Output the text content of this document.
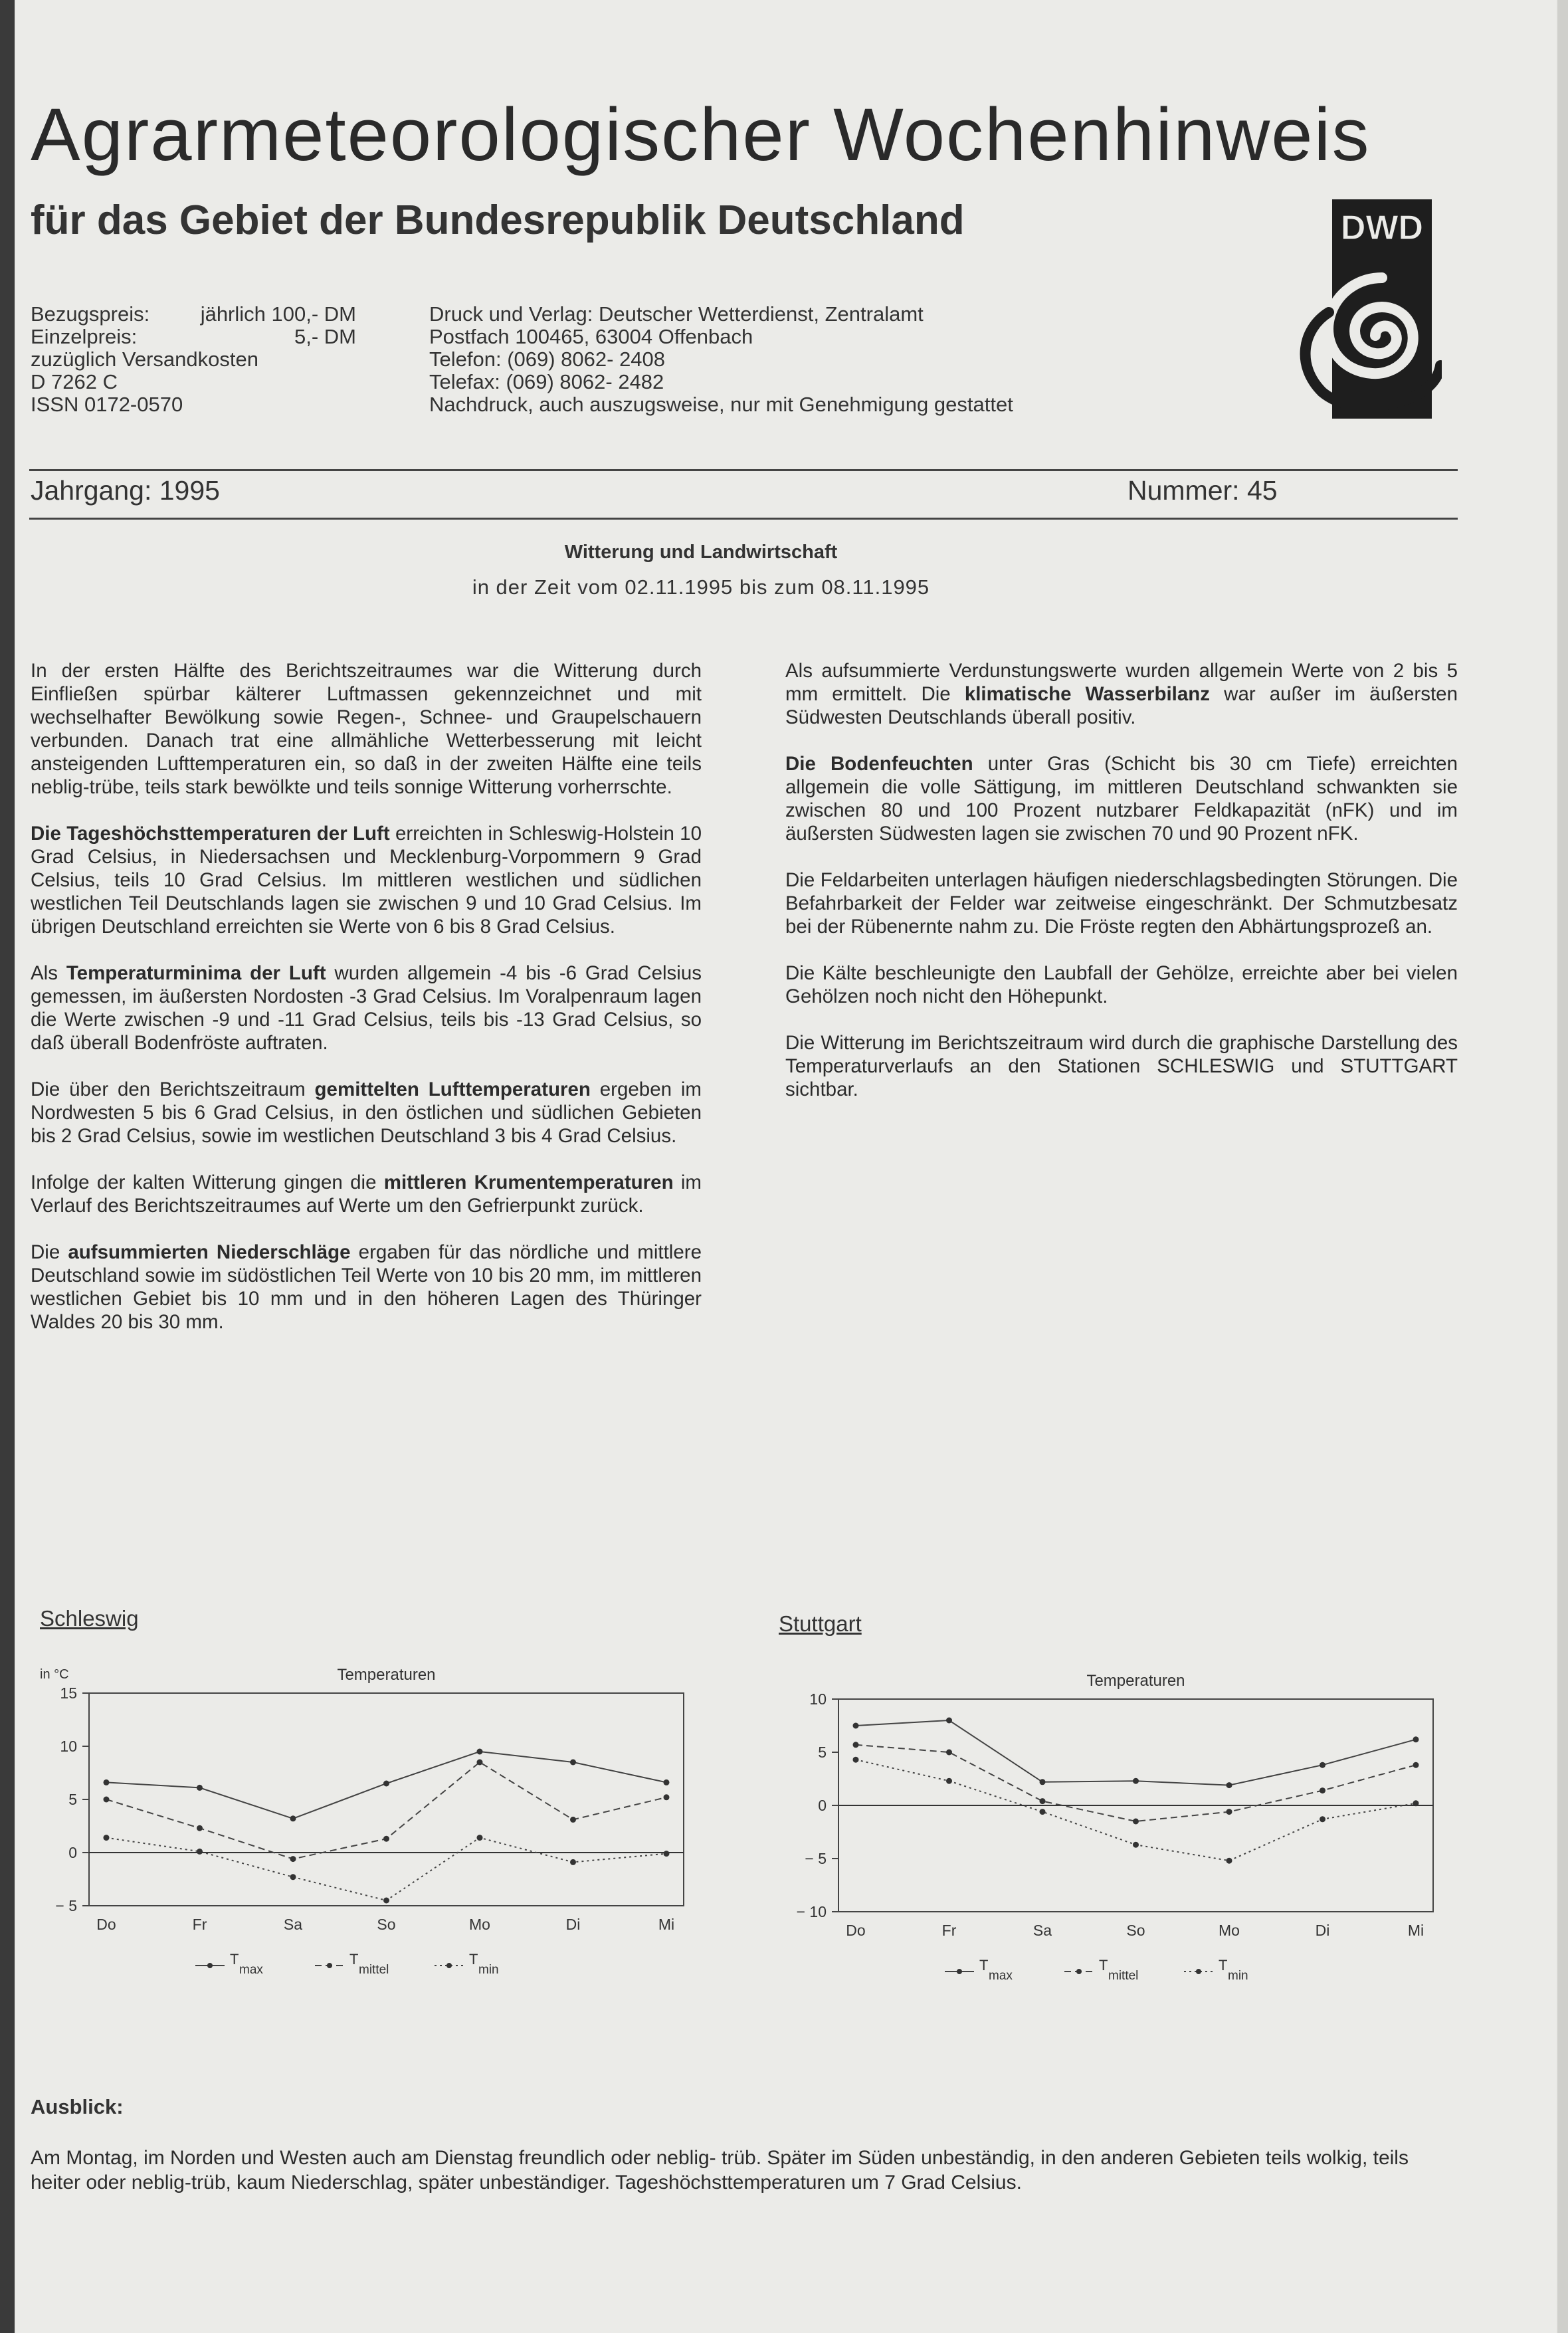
Agrarmeteorologischer Wochenhinweis
für das Gebiet der Bundesrepublik Deutschland
Bezugspreis: jährlich 100,- DM
Einzelpreis:	5,- DM
zuzüglich Versandkosten
D 7262 C
ISSN 0172-0570
Druck und Verlag: Deutscher Wetterdienst, Zentralamt
Postfach 100465, 63004 Offenbach
Telefon: (069) 8062- 2408
Telefax: (069) 8062- 2482
Nachdruck, auch auszugsweise, nur mit Genehmigung gestattet
DWD
Jahrgang: 1995	Nummer: 45
Witterung und Landwirtschaft
in der Zeit vom 02.11.1995 bis zum 08.11.1995

In der ersten Hälfte des Berichtszeitraumes war die Witterung durch Einfließen spürbar kälterer Luftmassen gekennzeichnet und mit wechselhafter Bewölkung sowie Regen-, Schnee- und Graupelschauern verbunden. Danach trat eine allmähliche Wetterbesserung mit leicht ansteigenden Lufttemperaturen ein, so daß in der zweiten Hälfte eine teils neblig-trübe, teils stark bewölkte und teils sonnige Witterung vorherrschte.

Die Tageshöchsttemperaturen der Luft erreichten in Schleswig-Holstein 10 Grad Celsius, in Niedersachsen und Mecklenburg-Vorpommern 9 Grad Celsius, teils 10 Grad Celsius. Im mittleren westlichen und südlichen westlichen Teil Deutschlands lagen sie zwischen 9 und 10 Grad Celsius. Im übrigen Deutschland erreichten sie Werte von 6 bis 8 Grad Celsius.

Als Temperaturminima der Luft wurden allgemein -4 bis -6 Grad Celsius gemessen, im äußersten Nordosten -3 Grad Celsius. Im Voralpenraum lagen die Werte zwischen -9 und -11 Grad Celsius, teils bis -13 Grad Celsius, so daß überall Bodenfröste auftraten.

Die über den Berichtszeitraum gemittelten Lufttemperaturen ergeben im Nordwesten 5 bis 6 Grad Celsius, in den östlichen und südlichen Gebieten bis 2 Grad Celsius, sowie im westlichen Deutschland 3 bis 4 Grad Celsius.

Infolge der kalten Witterung gingen die mittleren Krumentemperaturen im Verlauf des Berichtszeitraumes auf Werte um den Gefrierpunkt zurück.

Die aufsummierten Niederschläge ergaben für das nördliche und mittlere Deutschland sowie im südöstlichen Teil Werte von 10 bis 20 mm, im mittleren westlichen Gebiet bis 10 mm und in den höheren Lagen des Thüringer Waldes 20 bis 30 mm.

Als aufsummierte Verdunstungswerte wurden allgemein Werte von 2 bis 5 mm ermittelt. Die klimatische Wasserbilanz war außer im äußersten Südwesten Deutschlands überall positiv.

Die Bodenfeuchten unter Gras (Schicht bis 30 cm Tiefe) erreichten allgemein die volle Sättigung, im mittleren Deutschland schwankten sie zwischen 80 und 100 Prozent nutzbarer Feldkapazität (nFK) und im äußersten Südwesten lagen sie zwischen 70 und 90 Prozent nFK.

Die Feldarbeiten unterlagen häufigen niederschlagsbedingten Störungen. Die Befahrbarkeit der Felder war zeitweise eingeschränkt. Der Schmutzbesatz bei der Rübenernte nahm zu. Die Fröste regten den Abhärtungsprozeß an.

Die Kälte beschleunigte den Laubfall der Gehölze, erreichte aber bei vielen Gehölzen noch nicht den Höhepunkt.

Die Witterung im Berichtszeitraum wird durch die graphische Darstellung des Temperaturverlaufs an den Stationen SCHLESWIG und STUTTGART sichtbar.

Schleswig	Stuttgart
Temperaturen
in °C
15
10
5
0
− 5
Do	Fr	Sa	So	Mo	Di	Mi
T
max
T
mittel
T
min
Temperaturen
10
5
0
− 5
− 10
Do	Fr	Sa	So	Mo	Di	Mi
T
max
T
mittel
T
min
Ausblick:
Am Montag, im Norden und Westen auch am Dienstag freundlich oder neblig- trüb. Später im Süden unbeständig, in den anderen Gebieten teils wolkig, teils heiter oder neblig-trüb, kaum Niederschlag, später unbeständiger. Tageshöchsttemperaturen um 7 Grad Celsius.
